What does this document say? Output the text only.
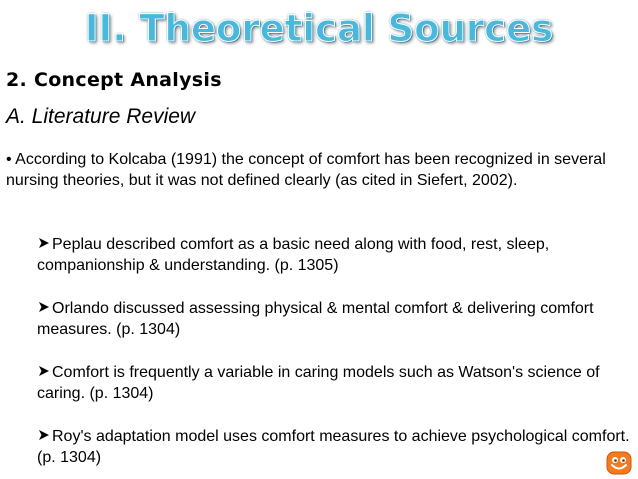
II. Theoretical Sources
2. Concept Analysis
A. Literature Review
• According to Kolcaba (1991) the concept of comfort has been recognized in several nursing theories, but it was not defined clearly (as cited in Siefert, 2002).
Peplau described comfort as a basic need along with food, rest, sleep, companionship & understanding. (p. 1305)
Orlando discussed assessing physical & mental comfort & delivering comfort measures. (p. 1304)
Comfort is frequently a variable in caring models such as Watson's science of caring. (p. 1304)
Roy's adaptation model uses comfort measures to achieve psychological comfort. (p. 1304)
